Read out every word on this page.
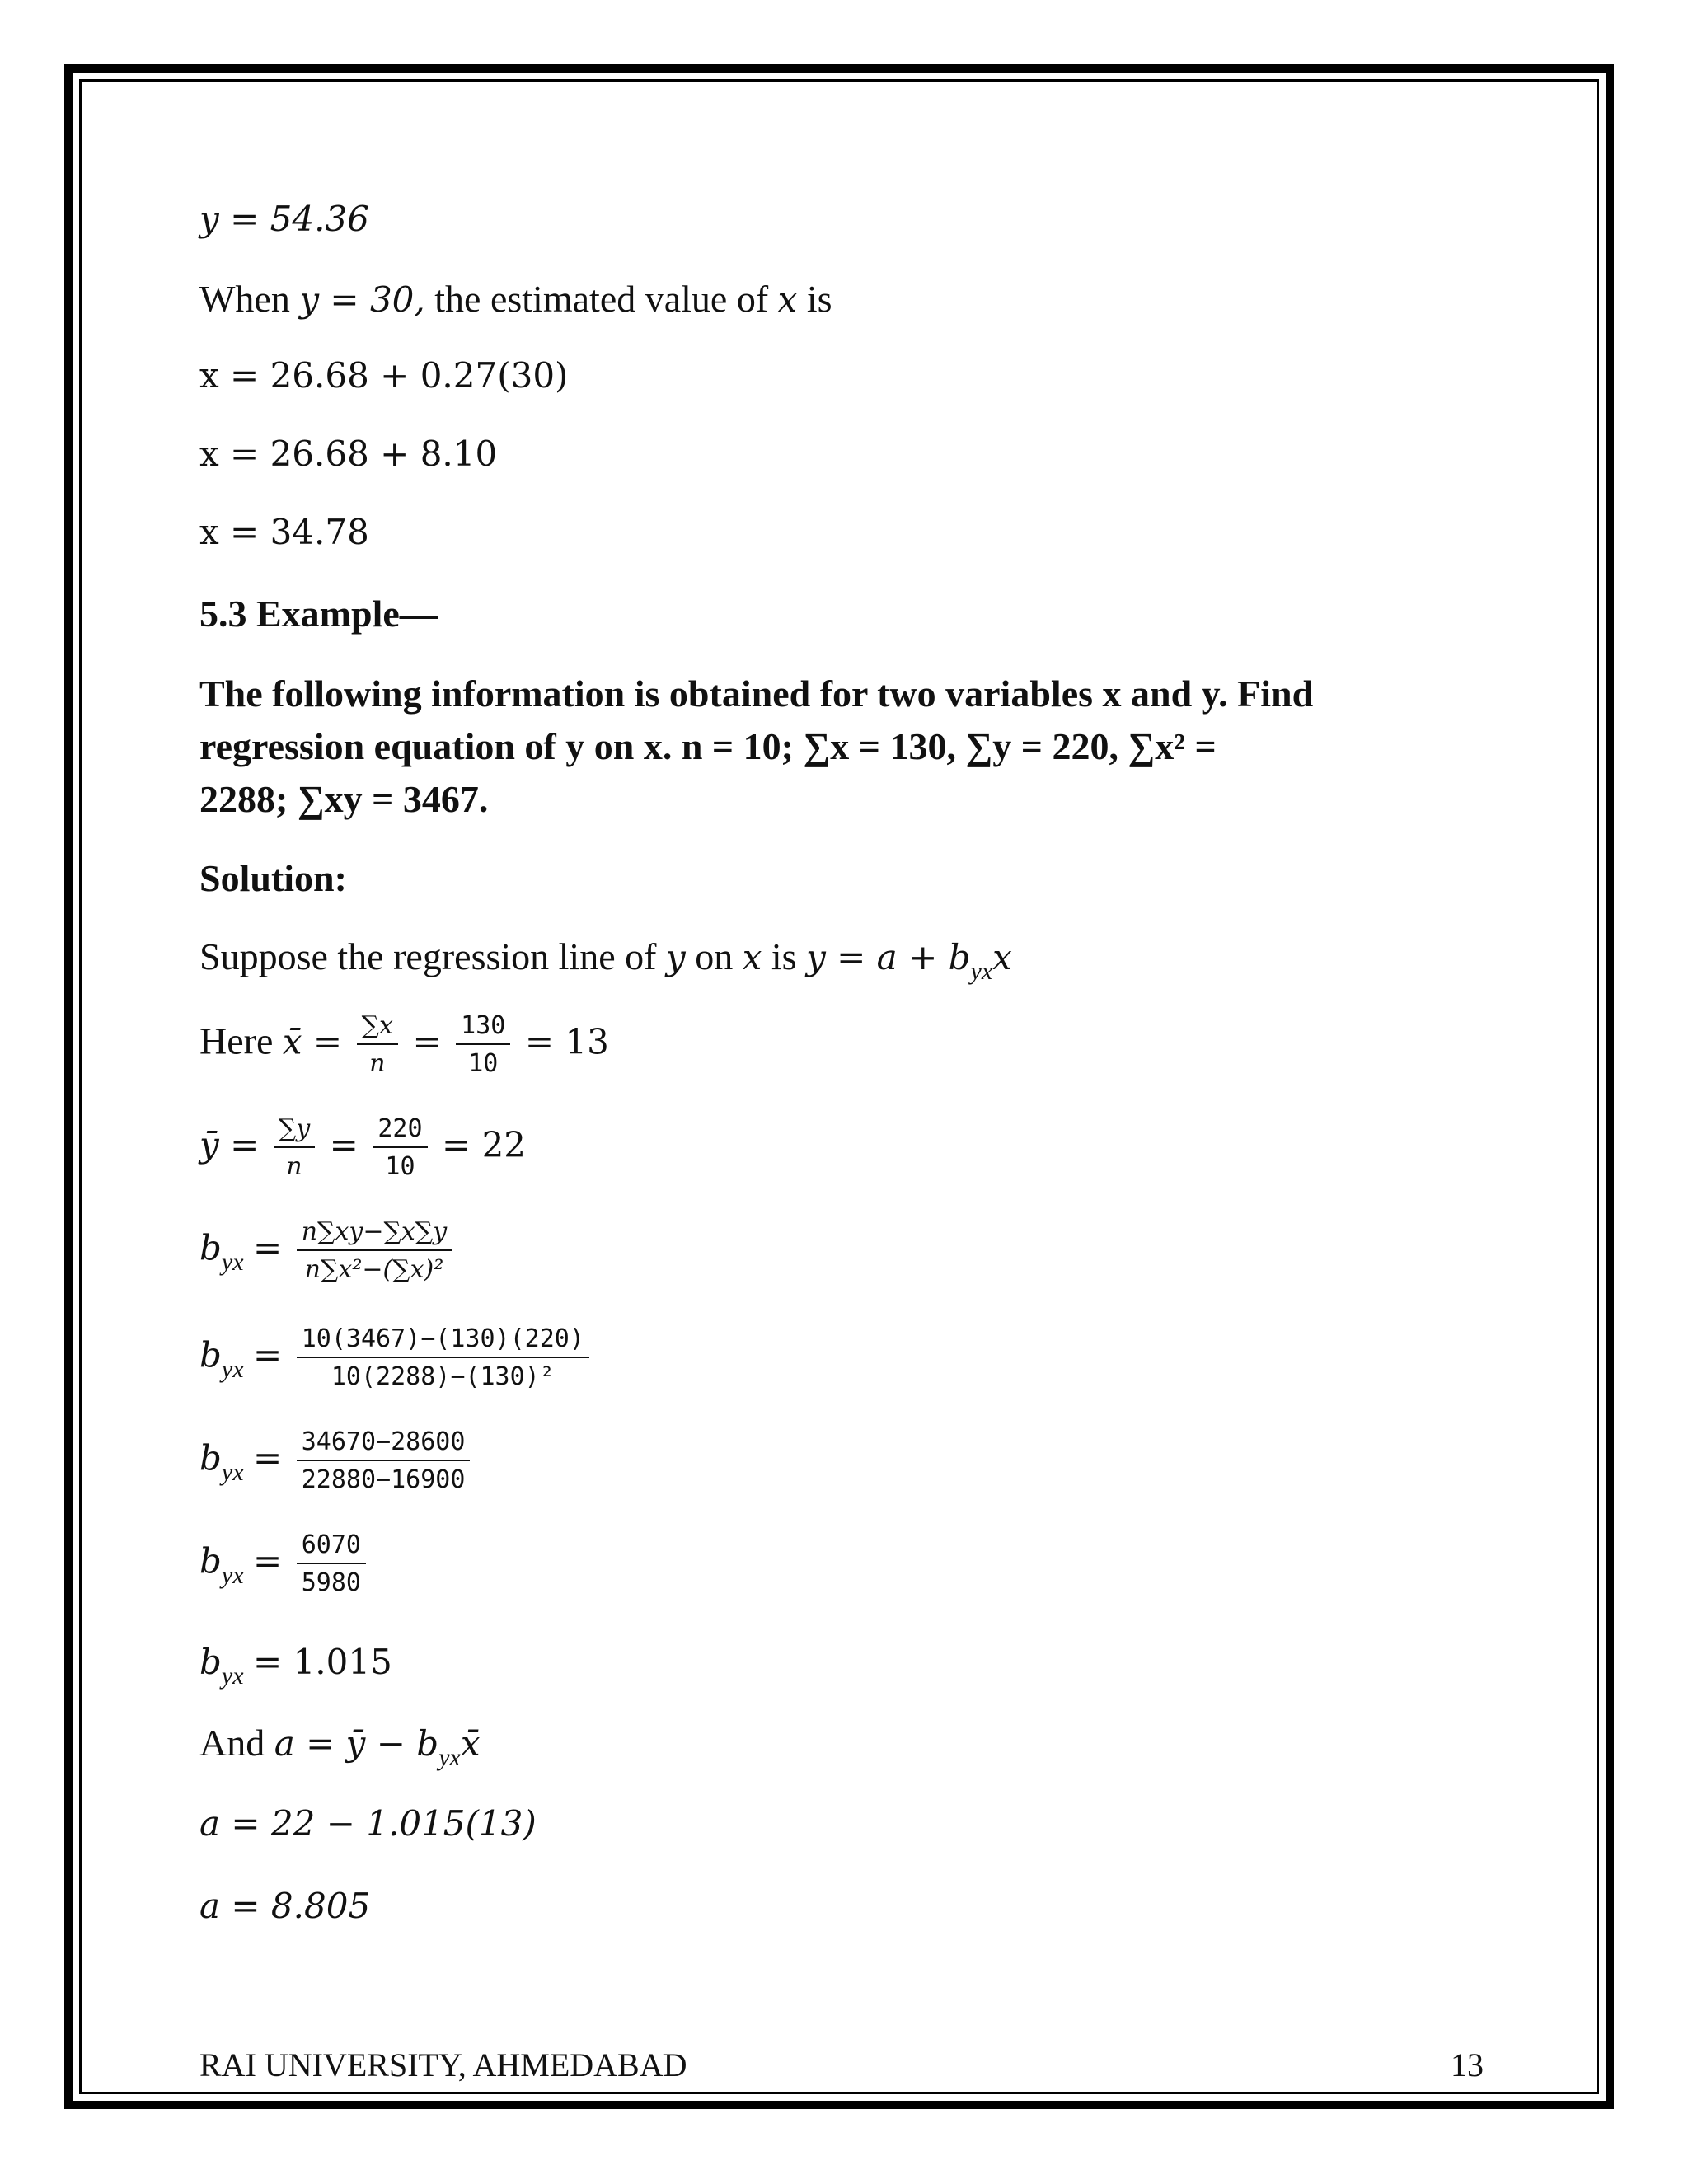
y = 54.36
When y = 30, the estimated value of x is
x = 26.68 + 0.27(30)
x = 26.68 + 8.10
x = 34.78
5.3 Example—
The following information is obtained for two variables x and y. Find
regression equation of y on x. n = 10; ∑x = 130, ∑y = 220, ∑x² =
2288; ∑xy = 3467.
Solution:
Suppose the regression line of y on x is $y = a + b_{yx}x$
Here x̄ = $\frac{\sum x}{n} = \frac{130}{10} = 13$
ȳ = $\frac{\sum y}{n} = \frac{220}{10} = 22$
$b_{yx} = \frac{n\sum xy-\sum x\sum y}{\text{n∑x²−(∑x)²}}$
$b_{yx} = \frac{10(3467)-(130)(220)}{\text{10(2288)−(130)²}}$
$b_{yx} = \frac{34670-28600}{22880-16900}$
$b_{yx} = \frac{6070}{5980}$
$b_{yx} = 1.015$
And a = ȳ − $b_{yx}x̄$
a = 22 − 1.015(13)
a = 8.805
RAI UNIVERSITY, AHMEDABAD	13
